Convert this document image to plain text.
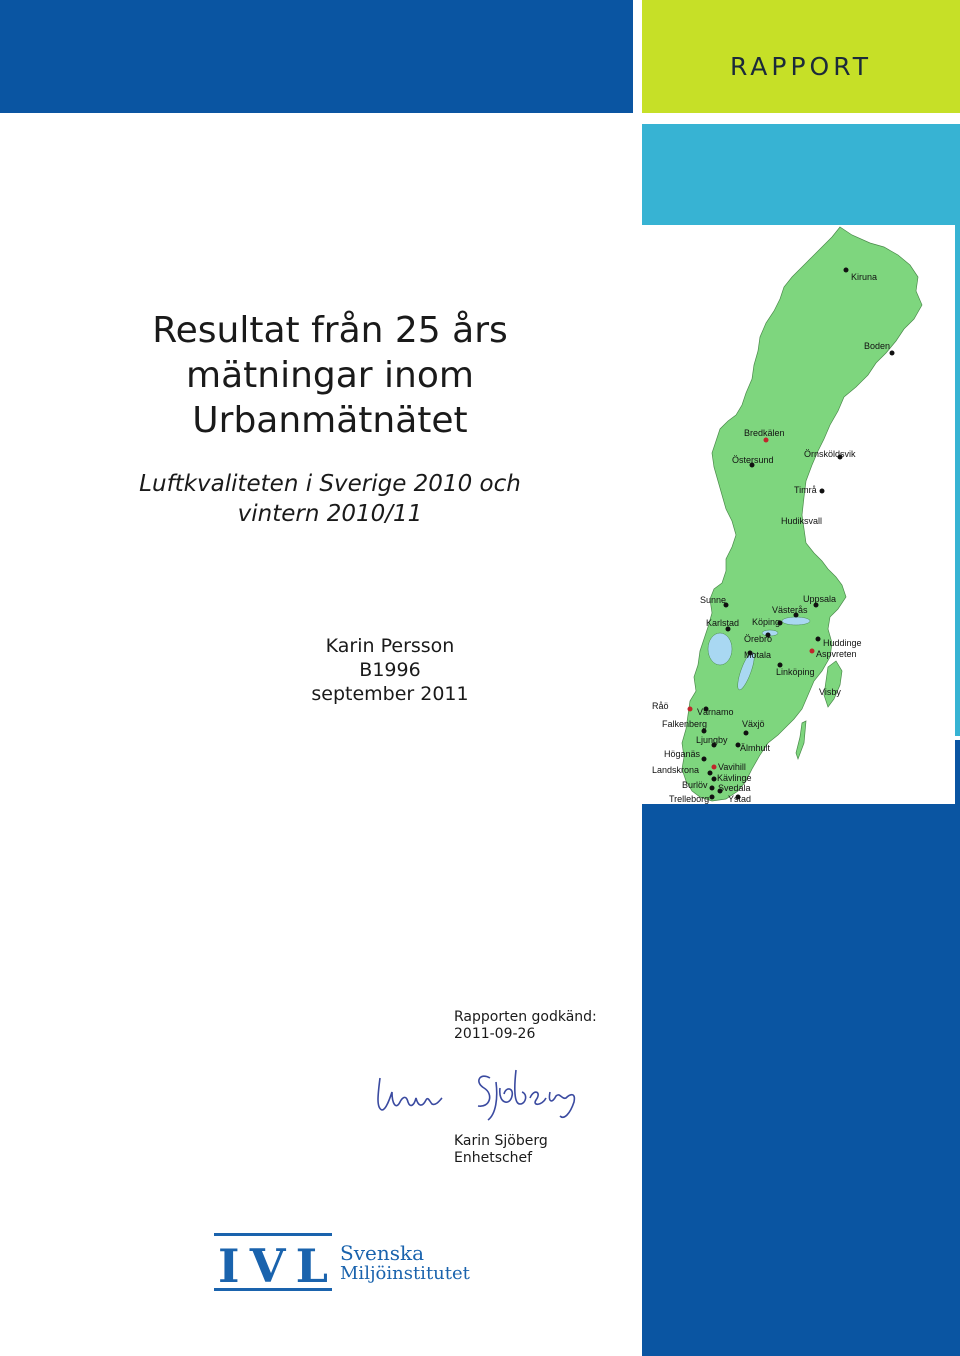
RAPPORT
Resultat från 25 års
mätningar inom
Urbanmätnätet
Luftkvaliteten i Sverige 2010 och
vintern 2010/11
Karin Persson
B1996
september 2011
Kiruna
Boden
Bredkälen
Östersund
Örnsköldsvik
Timrå
Hudiksvall
Sunne	Uppsala
Västerås
Karlstad Köping
Örebro	Huddinge
Aspvreten
Motala
Linköping
Visby
Råö
Värnamo
Falkenberg	Växjö
Ljungby
Älmhult
Höganäs
Vavihill
Landskrona
Kävlinge
Burlöv Svedala
Trelleborg Ystad
Rapporten godkänd:
2011-09-26
Karin Sjöberg
Karin Sjöberg
Enhetschef
IVL Svenska
Miljöinstitutet
